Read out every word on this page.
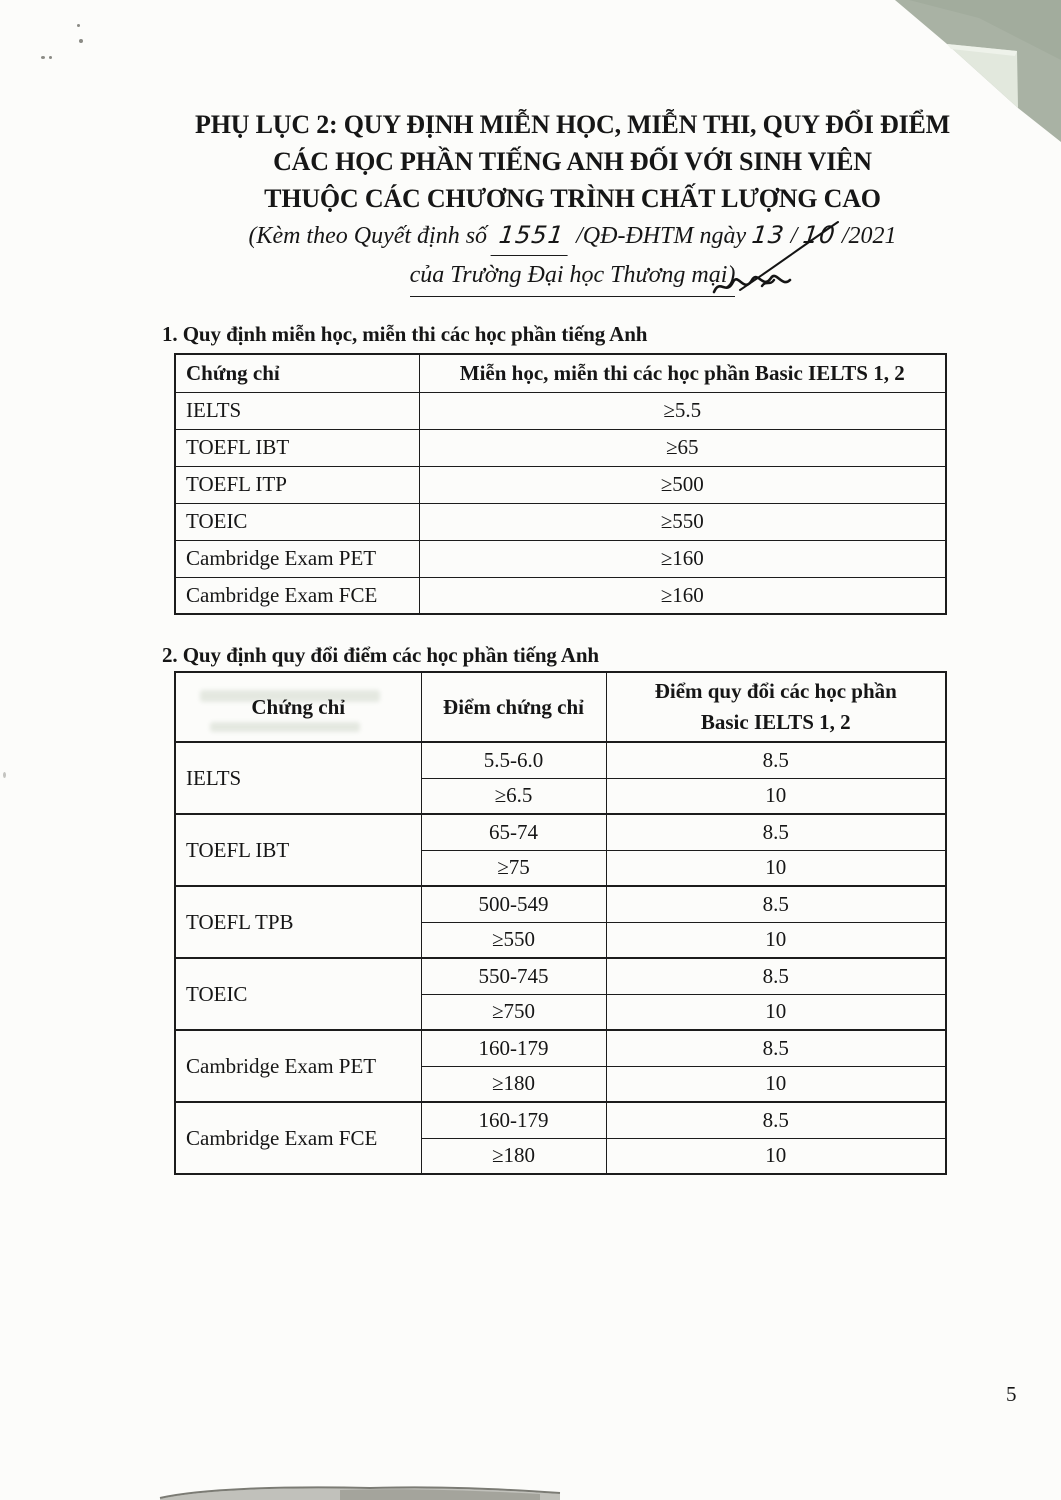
PHỤ LỤC 2: QUY ĐỊNH MIỄN HỌC, MIỄN THI, QUY ĐỔI ĐIỂM
CÁC HỌC PHẦN TIẾNG ANH ĐỐI VỚI SINH VIÊN
THUỘC CÁC CHƯƠNG TRÌNH CHẤT LƯỢNG CAO
(Kèm theo Quyết định số 1551 /QĐ-ĐHTM ngày 13 / 10 /2021
của Trường Đại học Thương mại)
1. Quy định miễn học, miễn thi các học phần tiếng Anh
Chứng chỉ	Miễn học, miễn thi các học phần Basic IELTS 1, 2
IELTS	≥5.5
TOEFL IBT	≥65
TOEFL ITP	≥500
TOEIC	≥550
Cambridge Exam PET	≥160
Cambridge Exam FCE	≥160
2. Quy định quy đổi điểm các học phần tiếng Anh
Chứng chỉ	Điểm chứng chỉ	Điểm quy đổi các học phần
Basic IELTS 1, 2

IELTS	5.5-6.0	8.5
	≥6.5	10
TOEFL IBT	65-74	8.5
	≥75	10
TOEFL TPB	500-549	8.5
	≥550	10
TOEIC	550-745	8.5
	≥750	10
Cambridge Exam PET	160-179	8.5
	≥180	10
Cambridge Exam FCE	160-179	8.5
	≥180	10
5
